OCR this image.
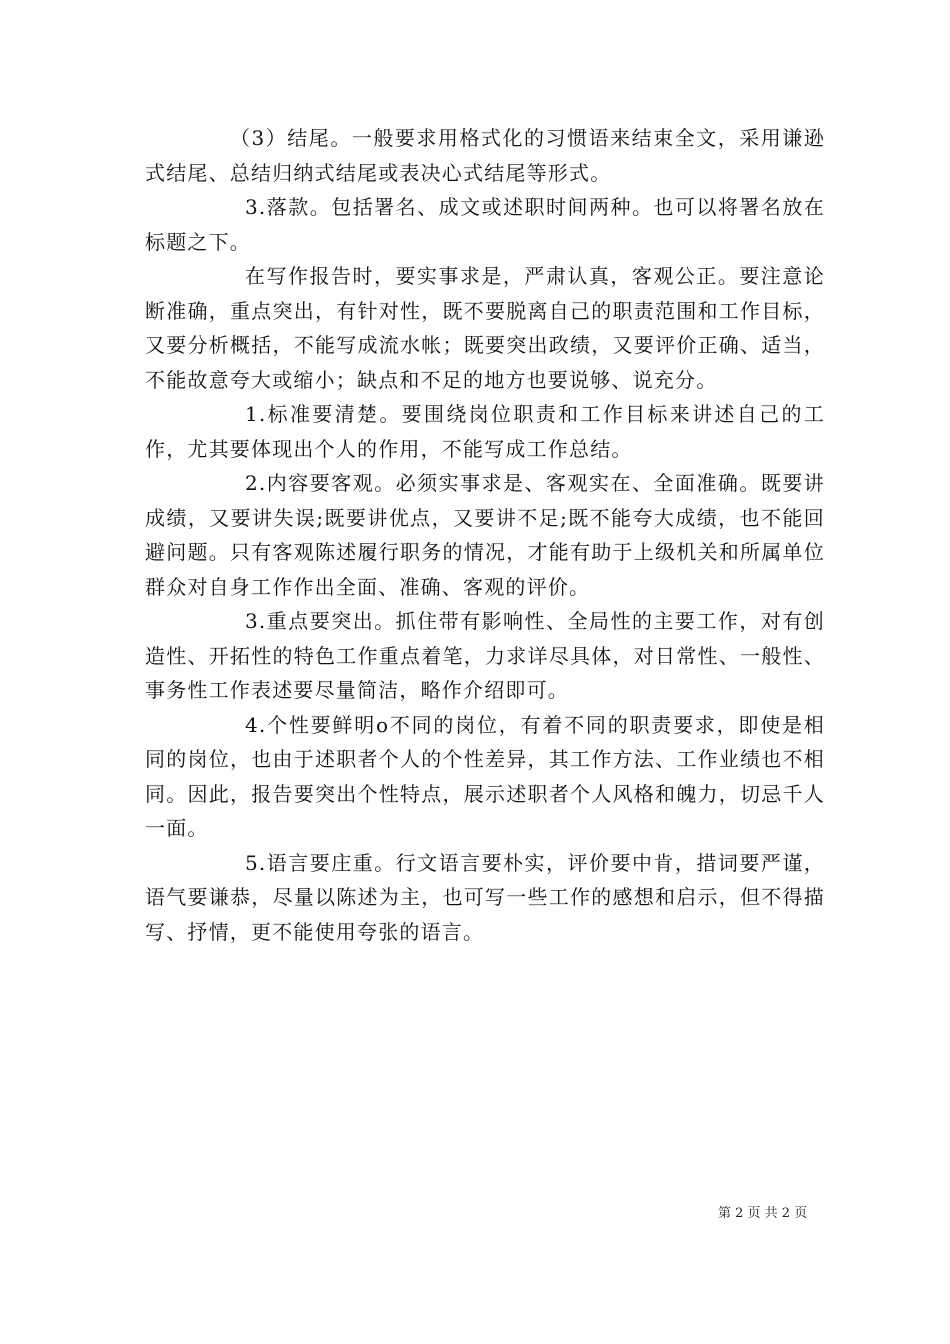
（3）结尾。一般要求用格式化的习惯语来结束全文，采用谦逊式结尾、总结归纳式结尾或表决心式结尾等形式。

3.落款。包括署名、成文或述职时间两种。也可以将署名放在标题之下。

在写作报告时，要实事求是，严肃认真，客观公正。要注意论断准确，重点突出，有针对性，既不要脱离自己的职责范围和工作目标，又要分析概括，不能写成流水帐；既要突出政绩，又要评价正确、适当，不能故意夸大或缩小；缺点和不足的地方也要说够、说充分。

1.标准要清楚。要围绕岗位职责和工作目标来讲述自己的工作，尤其要体现出个人的作用，不能写成工作总结。

2.内容要客观。必须实事求是、客观实在、全面准确。既要讲成绩，又要讲失误;既要讲优点，又要讲不足;既不能夸大成绩，也不能回避问题。只有客观陈述履行职务的情况，才能有助于上级机关和所属单位群众对自身工作作出全面、准确、客观的评价。

3.重点要突出。抓住带有影响性、全局性的主要工作，对有创造性、开拓性的特色工作重点着笔，力求详尽具体，对日常性、一般性、事务性工作表述要尽量简洁，略作介绍即可。

4.个性要鲜明o不同的岗位，有着不同的职责要求，即使是相同的岗位，也由于述职者个人的个性差异，其工作方法、工作业绩也不相同。因此，报告要突出个性特点，展示述职者个人风格和魄力，切忌千人一面。

5.语言要庄重。行文语言要朴实，评价要中肯，措词要严谨，语气要谦恭，尽量以陈述为主，也可写一些工作的感想和启示，但不得描写、抒情，更不能使用夸张的语言。

第 2 页 共 2 页
